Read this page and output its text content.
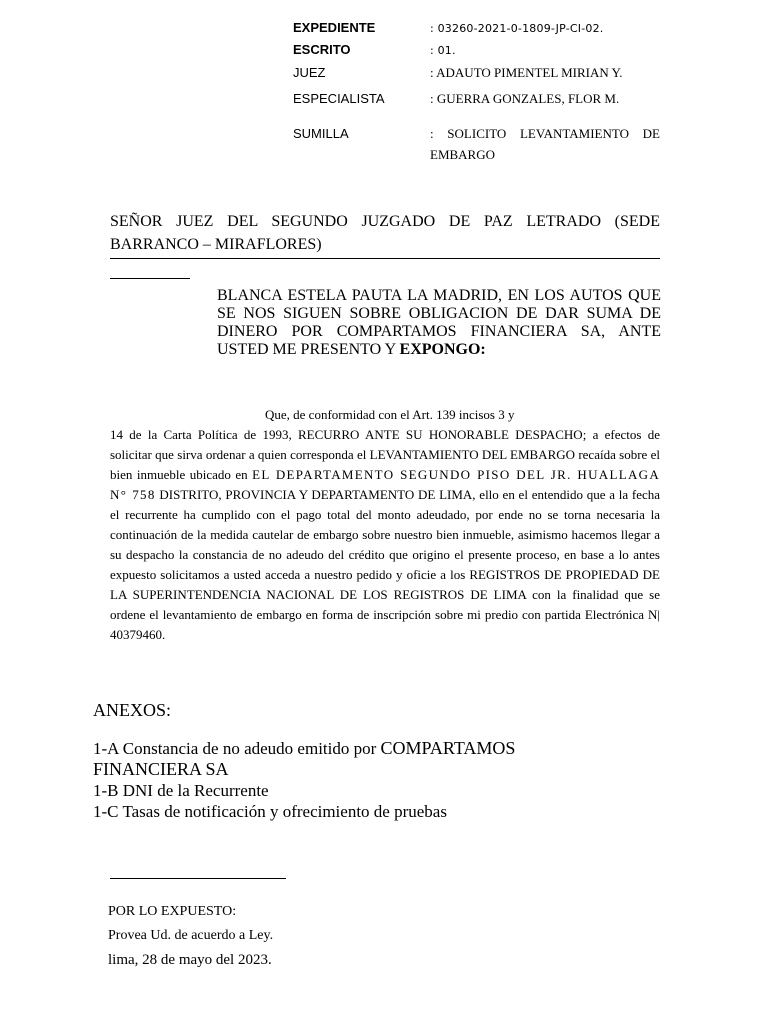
EXPEDIENTE	: 03260-2021-0-1809-JP-CI-02.
ESCRITO	: 01.
JUEZ	: ADAUTO PIMENTEL MIRIAN Y.
ESPECIALISTA	: GUERRA GONZALES, FLOR M.
SUMILLA	: SOLICITO LEVANTAMIENTO DE EMBARGO
SEÑOR JUEZ DEL SEGUNDO JUZGADO DE PAZ LETRADO (SEDE BARRANCO – MIRAFLORES)
BLANCA ESTELA PAUTA LA MADRID, EN LOS AUTOS QUE SE NOS SIGUEN SOBRE OBLIGACION DE DAR SUMA DE DINERO POR COMPARTAMOS FINANCIERA SA, ANTE USTED ME PRESENTO Y EXPONGO:
Que, de conformidad con el Art. 139 incisos 3 y
14 de la Carta Política de 1993, RECURRO ANTE SU HONORABLE DESPACHO; a efectos de solicitar que sirva ordenar a quien corresponda el LEVANTAMIENTO DEL EMBARGO recaída sobre el bien inmueble ubicado en EL DEPARTAMENTO SEGUNDO PISO DEL JR. HUALLAGA N° 758 DISTRITO, PROVINCIA Y DEPARTAMENTO DE LIMA, ello en el entendido que a la fecha el recurrente ha cumplido con el pago total del monto adeudado, por ende no se torna necesaria la continuación de la medida cautelar de embargo sobre nuestro bien inmueble, asimismo hacemos llegar a su despacho la constancia de no adeudo del crédito que origino el presente proceso, en base a lo antes expuesto solicitamos a usted acceda a nuestro pedido y oficie a los REGISTROS DE PROPIEDAD DE LA SUPERINTENDENCIA NACIONAL DE LOS REGISTROS DE LIMA con la finalidad que se ordene el levantamiento de embargo en forma de inscripción sobre mi predio con partida Electrónica N| 40379460.
ANEXOS:
1-A Constancia de no adeudo emitido por COMPARTAMOS FINANCIERA SA
1-B DNI de la Recurrente
1-C Tasas de notificación y ofrecimiento de pruebas
POR LO EXPUESTO:
Provea Ud. de acuerdo a Ley.
lima, 28 de mayo del 2023.
